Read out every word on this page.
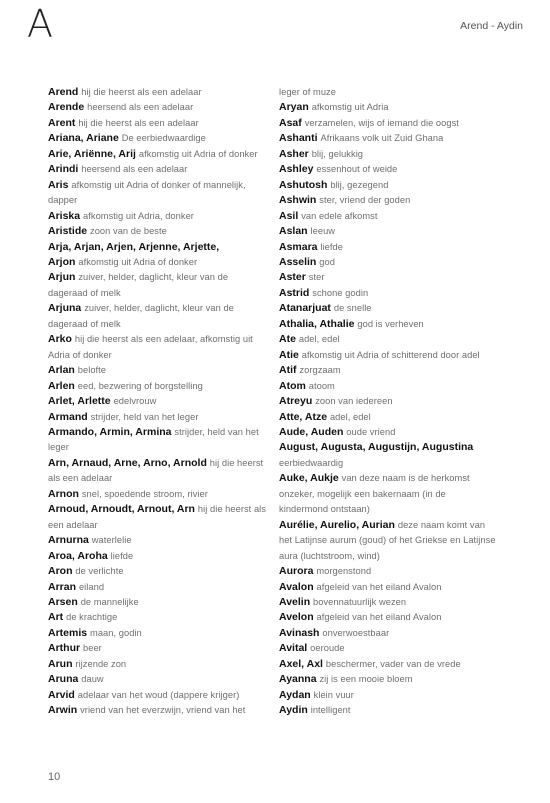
A	Arend - Aydin

Arend hij die heerst als een adelaar

Arende heersend als een adelaar

Arent hij die heerst als een adelaar

Ariana, Ariane De eerbiedwaardige

Arie, Ariënne, Arij afkomstig uit Adria of donker

Arindi heersend als een adelaar

Aris afkomstig uit Adria of donker of mannelijk, dapper

Ariska afkomstig uit Adria, donker

Aristide zoon van de beste

Arja, Arjan, Arjen, Arjenne, Arjette,

Arjon afkomstig uit Adria of donker

Arjun zuiver, helder, daglicht, kleur van de dageraad of melk

Arjuna zuiver, helder, daglicht, kleur van de dageraad of melk

Arko hij die heerst als een adelaar, afkomstig uit Adria of donker

Arlan belofte

Arlen eed, bezwering of borgstelling

Arlet, Arlette edelvrouw

Armand strijder, held van het leger

Armando, Armin, Armina strijder, held van het leger

Arn, Arnaud, Arne, Arno, Arnold hij die heerst als een adelaar

Arnon snel, spoedende stroom, rivier

Arnoud, Arnoudt, Arnout, Arn hij die heerst als een adelaar

Arnurna waterlelie

Aroa, Aroha liefde

Aron de verlichte

Arran eiland

Arsen de mannelijke

Art de krachtige

Artemis maan, godin

Arthur beer

Arun rijzende zon

Aruna dauw

Arvid adelaar van het woud (dappere krijger)

Arwin vriend van het everzwijn, vriend van het

leger of muze

Aryan afkomstig uit Adria

Asaf verzamelen, wijs of iemand die oogst

Ashanti Afrikaans volk uit Zuid Ghana

Asher blij, gelukkig

Ashley essenhout of weide

Ashutosh blij, gezegend

Ashwin ster, vriend der goden

Asil van edele afkomst

Aslan leeuw

Asmara liefde

Asselin god

Aster ster

Astrid schone godin

Atanarjuat de snelle

Athalia, Athalie god is verheven

Ate adel, edel

Atie afkomstig uit Adria of schitterend door adel

Atif zorgzaam

Atom atoom

Atreyu zoon van iedereen

Atte, Atze adel, edel

Aude, Auden oude vriend

August, Augusta, Augustijn, Augustina eerbiedwaardig

Auke, Aukje van deze naam is de herkomst onzeker, mogelijk een bakernaam (in de kindermond ontstaan)

Aurélie, Aurelio, Aurian deze naam komt van het Latijnse aurum (goud) of het Griekse en Latijnse aura (luchtstroom, wind)

Aurora morgenstond

Avalon afgeleid van het eiland Avalon

Avelin bovennatuurlijk wezen

Avelon afgeleid van het eiland Avalon

Avinash onverwoestbaar

Avital oeroude

Axel, Axl beschermer, vader van de vrede

Ayanna zij is een mooie bloem

Aydan klein vuur

Aydin intelligent

10
